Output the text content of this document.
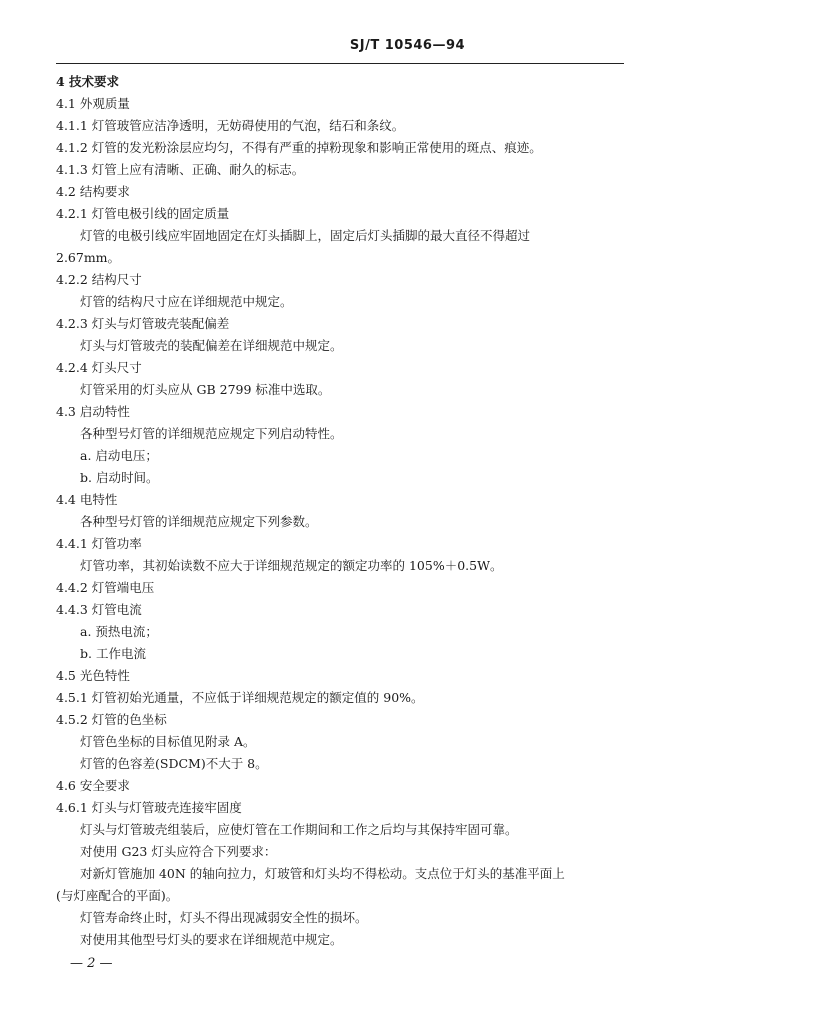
SJ/T 10546—94
4 技术要求
4.1 外观质量
4.1.1 灯管玻管应洁净透明，无妨碍使用的气泡，结石和条纹。
4.1.2 灯管的发光粉涂层应均匀，不得有严重的掉粉现象和影响正常使用的斑点、痕迹。
4.1.3 灯管上应有清晰、正确、耐久的标志。
4.2 结构要求
4.2.1 灯管电极引线的固定质量
灯管的电极引线应牢固地固定在灯头插脚上，固定后灯头插脚的最大直径不得超过
2.67mm。
4.2.2 结构尺寸
灯管的结构尺寸应在详细规范中规定。
4.2.3 灯头与灯管玻壳装配偏差
灯头与灯管玻壳的装配偏差在详细规范中规定。
4.2.4 灯头尺寸
灯管采用的灯头应从 GB 2799 标准中选取。
4.3 启动特性
各种型号灯管的详细规范应规定下列启动特性。
a. 启动电压；
b. 启动时间。
4.4 电特性
各种型号灯管的详细规范应规定下列参数。
4.4.1 灯管功率
灯管功率，其初始读数不应大于详细规范规定的额定功率的 105%＋0.5W。
4.4.2 灯管端电压
4.4.3 灯管电流
a. 预热电流；
b. 工作电流
4.5 光色特性
4.5.1 灯管初始光通量，不应低于详细规范规定的额定值的 90%。
4.5.2 灯管的色坐标
灯管色坐标的目标值见附录 A。
灯管的色容差(SDCM)不大于 8。
4.6 安全要求
4.6.1 灯头与灯管玻壳连接牢固度
灯头与灯管玻壳组装后，应使灯管在工作期间和工作之后均与其保持牢固可靠。
对使用 G23 灯头应符合下列要求：
对新灯管施加 40N 的轴向拉力，灯玻管和灯头均不得松动。支点位于灯头的基准平面上
(与灯座配合的平面)。
灯管寿命终止时，灯头不得出现减弱安全性的损坏。
对使用其他型号灯头的要求在详细规范中规定。
— 2 —
